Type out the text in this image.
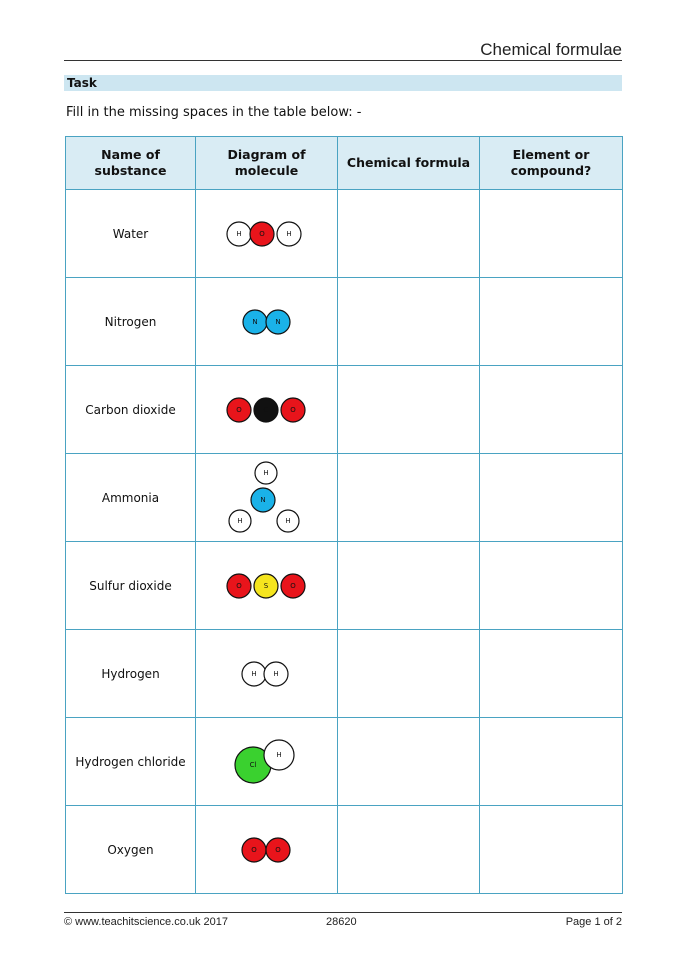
Chemical formulae
Task
Fill in the missing spaces in the table below: -
Name of substance	Diagram of molecule	Chemical formula	Element or compound?

Water	H O H		

Nitrogen	N N		

Carbon dioxide	O C O		

Ammonia	H
N
H H		

Sulfur dioxide	O S O		

Hydrogen	H H		

Hydrogen chloride	Cl
H		

Oxygen	O O		

© www.teachitscience.co.uk 2017	28620	Page 1 of 2
